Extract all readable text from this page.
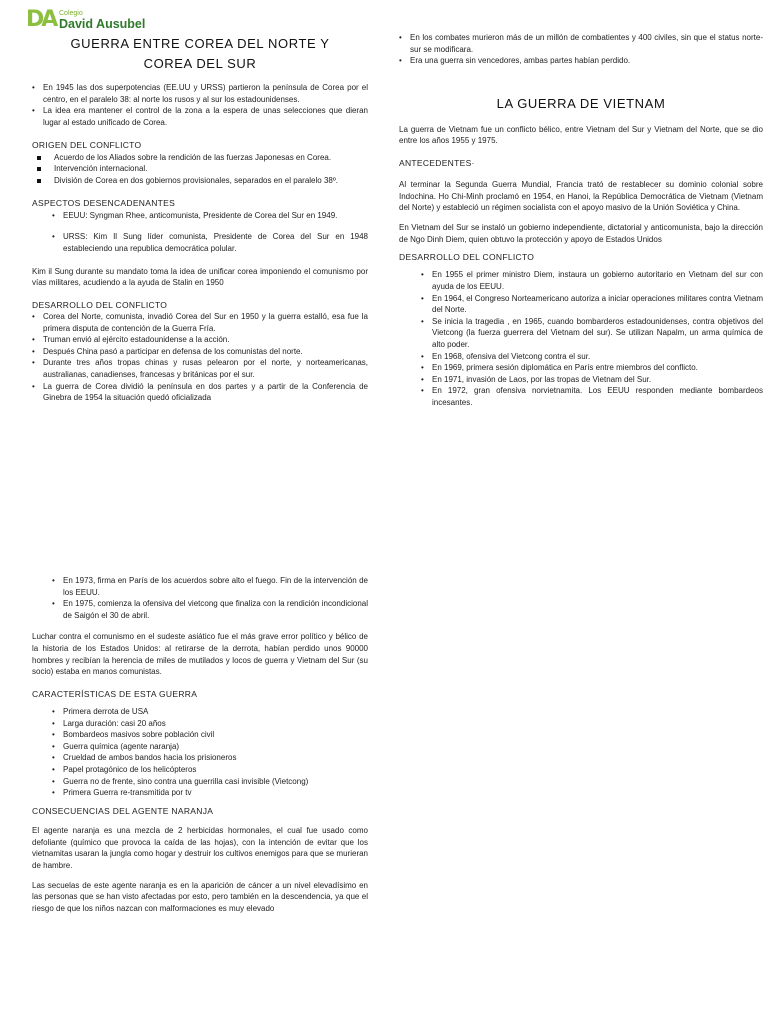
DA Colegio
David Ausubel
GUERRA ENTRE COREA DEL NORTE Y
COREA DEL SUR
• En 1945 las dos superpotencias (EE.UU y URSS) partieron la península de Corea por el centro, en el paralelo 38: al norte los rusos y al sur los estadounidenses.
• La idea era mantener el control de la zona a la espera de unas selecciones que dieran lugar al estado unificado de Corea.
ORIGEN DEL CONFLICTO
Acuerdo de los Aliados sobre la rendición de las fuerzas Japonesas en Corea.
Intervención internacional.
División de Corea en dos gobiernos provisionales, separados en el paralelo 38º.
ASPECTOS DESENCADENANTES
• EEUU: Syngman Rhee, anticomunista, Presidente de Corea del Sur en 1949.
• URSS: Kim Il Sung líder comunista, Presidente de Corea del Sur en 1948 estableciendo una republica democrática polular.

Kim il Sung durante su mandato toma la idea de unificar corea imponiendo el comunismo por vías militares, acudiendo a la ayuda de Stalin en 1950

DESARROLLO DEL CONFLICTO
• Corea del Norte, comunista, invadió Corea del Sur en 1950 y la guerra estalló, esa fue la primera disputa de contención de la Guerra Fría.
• Truman envió al ejército estadounidense a la acción.
• Después China pasó a participar en defensa de los comunistas del norte.
• Durante tres años tropas chinas y rusas pelearon por el norte, y norteamericanas, australianas, canadienses, francesas y británicas por el sur.
• La guerra de Corea dividió la península en dos partes y a partir de la Conferencia de Ginebra de 1954 la situación quedó oficializada
• En los combates murieron más de un millón de combatientes y 400 civiles, sin que el status norte-sur se modificara.
• Era una guerra sin vencedores, ambas partes habían perdido.
LA GUERRA DE VIETNAM

La guerra de Vietnam fue un conflicto bélico, entre Vietnam del Sur y Vietnam del Norte, que se dio entre los años 1955 y 1975.

ANTECEDENTES·

Al terminar la Segunda Guerra Mundial, Francia trató de restablecer su dominio colonial sobre Indochina. Ho Chi-Minh proclamó en 1954, en Hanoi, la República Democrática de Vietnam (Vietnam del Norte) y estableció un régimen socialista con el apoyo masivo de la Unión Soviética y China.

En Vietnam del Sur se instaló un gobierno independiente, dictatorial y anticomunista, bajo la dirección de Ngo Dinh Diem, quien obtuvo la protección y apoyo de Estados Unidos

DESARROLLO DEL CONFLICTO
• En 1955 el primer ministro Diem, instaura un gobierno autoritario en Vietnam del sur con ayuda de los EEUU.
• En 1964, el Congreso Norteamericano autoriza a iniciar operaciones militares contra Vietnam del Norte.
• Se inicia la tragedia , en 1965, cuando bombarderos estadounidenses, contra objetivos del Vietcong (la fuerza guerrera del Vietnam del sur). Se utilizan Napalm, un arma química de alto poder.
• En 1968, ofensiva del Vietcong contra el sur.
• En 1969, primera sesión diplomática en París entre miembros del conflicto.
• En 1971, invasión de Laos, por las tropas de Vietnam del Sur.
• En 1972, gran ofensiva norvietnamita. Los EEUU responden mediante bombardeos incesantes.
• En 1973, firma en París de los acuerdos sobre alto el fuego. Fin de la intervención de los EEUU.
• En 1975, comienza la ofensiva del vietcong que finaliza con la rendición incondicional de Saigón el 30 de abril.

Luchar contra el comunismo en el sudeste asiático fue el más grave error político y bélico de la historia de los Estados Unidos: al retirarse de la derrota, habían perdido unos 90000 hombres y recibían la herencia de miles de mutilados y locos de guerra y Vietnam del Sur (su socio) estaba en manos comunistas.

CARACTERÍSTICAS DE ESTA GUERRA
• Primera derrota de USA
• Larga duración: casi 20 años
• Bombardeos masivos sobre población civil
• Guerra química (agente naranja)
• Crueldad de ambos bandos hacia los prisioneros
• Papel protagónico de los helicópteros
• Guerra no de frente, sino contra una guerrilla casi invisible (Vietcong)
• Primera Guerra re-transmitida por tv
CONSECUENCIAS DEL AGENTE NARANJA

El agente naranja es una mezcla de 2 herbicidas hormonales, el cual fue usado como defoliante (químico que provoca la caída de las hojas), con la intención de evitar que los vietnamitas usaran la jungla como hogar y destruir los cultivos enemigos para que se murieran de hambre.

Las secuelas de este agente naranja es en la aparición de cáncer a un nivel elevadísimo en las personas que se han visto afectadas por esto, pero también en la descendencia, ya que el riesgo de que los niños nazcan con malformaciones es muy elevado
